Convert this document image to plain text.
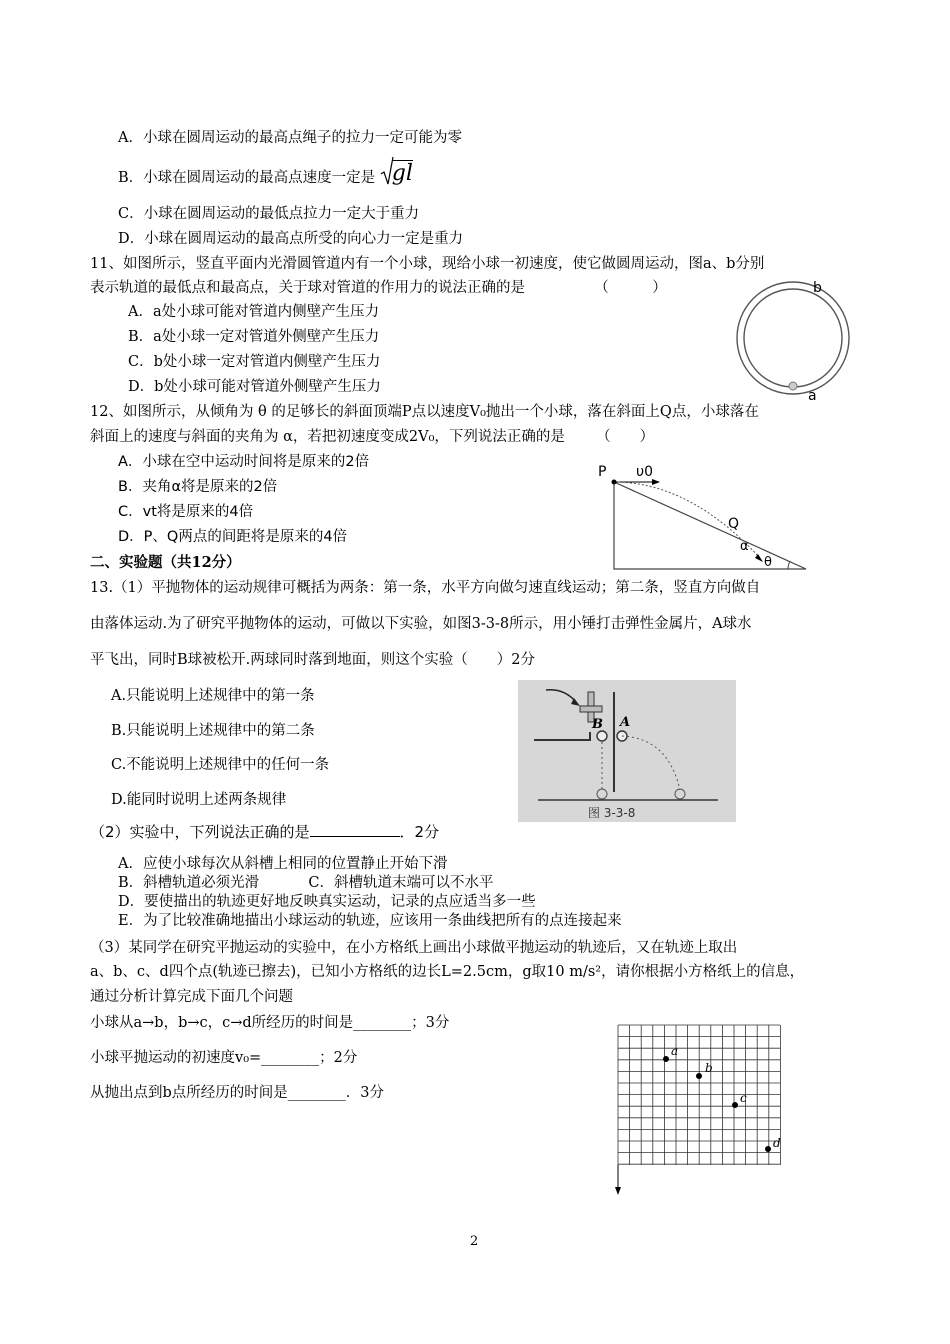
A．小球在圆周运动的最高点绳子的拉力一定可能为零
B．小球在圆周运动的最高点速度一定是 gl
C．小球在圆周运动的最低点拉力一定大于重力
D．小球在圆周运动的最高点所受的向心力一定是重力
11、如图所示，竖直平面内光滑圆管道内有一个小球，现给小球一初速度，使它做圆周运动，图a、b分别
表示轨道的最低点和最高点，关于球对管道的作用力的说法正确的是	（　　　）
A．a处小球可能对管道内侧壁产生压力
B．a处小球一定对管道外侧壁产生压力
C．b处小球一定对管道内侧壁产生压力
D．b处小球可能对管道外侧壁产生压力
b
a
12、如图所示，从倾角为 θ 的足够长的斜面顶端P点以速度V₀抛出一个小球，落在斜面上Q点，小球落在
斜面上的速度与斜面的夹角为 α，若把初速度变成2V₀，下列说法正确的是 （　　）
A．小球在空中运动时间将是原来的2倍
B．夹角α将是原来的2倍
C．vt将是原来的4倍
D．P、Q两点的间距将是原来的4倍
P υ0
Q
α
θ
二、实验题（共12分）
13.（1）平抛物体的运动规律可概括为两条：第一条，水平方向做匀速直线运动；第二条，竖直方向做自
由落体运动.为了研究平抛物体的运动，可做以下实验，如图3-3-8所示，用小锤打击弹性金属片，A球水
平飞出，同时B球被松开.两球同时落到地面，则这个实验（　　）2分
A.只能说明上述规律中的第一条
B.只能说明上述规律中的第二条
C.不能说明上述规律中的任何一条
D.能同时说明上述两条规律
B A
图 3-3-8
（2）实验中，下列说法正确的是	．2分
A．应使小球每次从斜槽上相同的位置静止开始下滑
B．斜槽轨道必须光滑	C．斜槽轨道末端可以不水平
D．要使描出的轨迹更好地反映真实运动，记录的点应适当多一些
E．为了比较准确地描出小球运动的轨迹，应该用一条曲线把所有的点连接起来
（3）某同学在研究平抛运动的实验中，在小方格纸上画出小球做平抛运动的轨迹后，又在轨迹上取出
a、b、c、d四个点(轨迹已擦去)，已知小方格纸的边长L=2.5cm，g取10 m/s²，请你根据小方格纸上的信息，
通过分析计算完成下面几个问题
小球从a→b，b→c，c→d所经历的时间是________；3分
小球平抛运动的初速度v₀=________；2分
从抛出点到b点所经历的时间是________．3分
a
b
c
d
2
